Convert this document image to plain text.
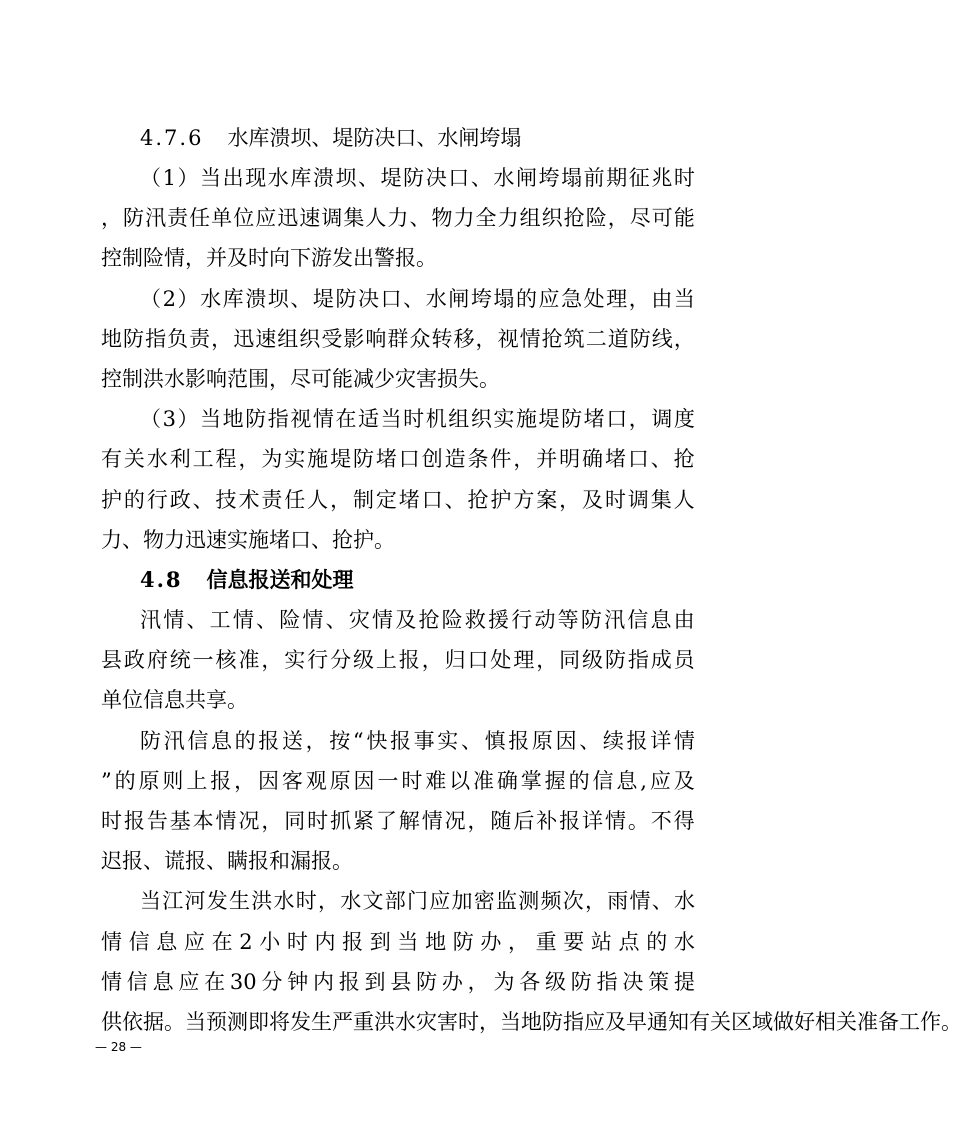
4.7.6 水库溃坝、堤防决口、水闸垮塌
（ 1 ） 当 出 现 水 库 溃 坝 、 堤 防 决 口 、 水 闸 垮 塌 前 期 征 兆 时
， 防 汛 责 任 单 位 应 迅 速 调 集 人 力 、 物 力 全 力 组 织 抢 险 ， 尽 可 能
控制险情，并及时向下游发出警报。
（ 2 ） 水 库 溃 坝 、 堤 防 决 口 、 水 闸 垮 塌 的 应 急 处 理 ， 由 当
地 防 指 负 责 ， 迅 速 组 织 受 影 响 群 众 转 移 ， 视 情 抢 筑 二 道 防 线 ，
控制洪水影响范围，尽可能减少灾害损失。
（ 3 ） 当 地 防 指 视 情 在 适 当 时 机 组 织 实 施 堤 防 堵 口 ， 调 度
有 关 水 利 工 程 ， 为 实 施 堤 防 堵 口 创 造 条 件 ， 并 明 确 堵 口 、 抢
护 的 行 政 、 技 术 责 任 人 ， 制 定 堵 口 、 抢 护 方 案 ， 及 时 调 集 人
力、物力迅速实施堵口、抢护。
4.8 信息报送和处理
汛 情 、 工 情 、 险 情 、 灾 情 及 抢 险 救 援 行 动 等 防 汛 信 息 由
县 政 府 统 一 核 准 ， 实 行 分 级 上 报 ， 归 口 处 理 ， 同 级 防 指 成 员
单位信息共享。
防 汛 信 息 的 报 送 ， 按 “ 快 报 事 实 、 慎 报 原 因 、 续 报 详 情
” 的 原 则 上 报 ， 因 客 观 原 因 一 时 难 以 准 确 掌 握 的 信 息 , 应 及
时 报 告 基 本 情 况 ， 同 时 抓 紧 了 解 情 况 ， 随 后 补 报 详 情 。 不 得
迟报、谎报、瞒报和漏报。
当 江 河 发 生 洪 水 时 ， 水 文 部 门 应 加 密 监 测 频 次 ， 雨 情 、 水
情 信 息 应 在 2 小 时 内 报 到 当 地 防 办 ， 重 要 站 点 的 水
情 信 息 应 在 30 分 钟 内 报 到 县 防 办 ， 为 各 级 防 指 决 策 提
供 依 据 。 当 预 测 即 将 发 生 严 重 洪 水 灾 害 时 ， 当 地 防 指 应 及 早 通 知 有 关 区 域 做 好 相 关 准 备 工 作 。
— 28 —
